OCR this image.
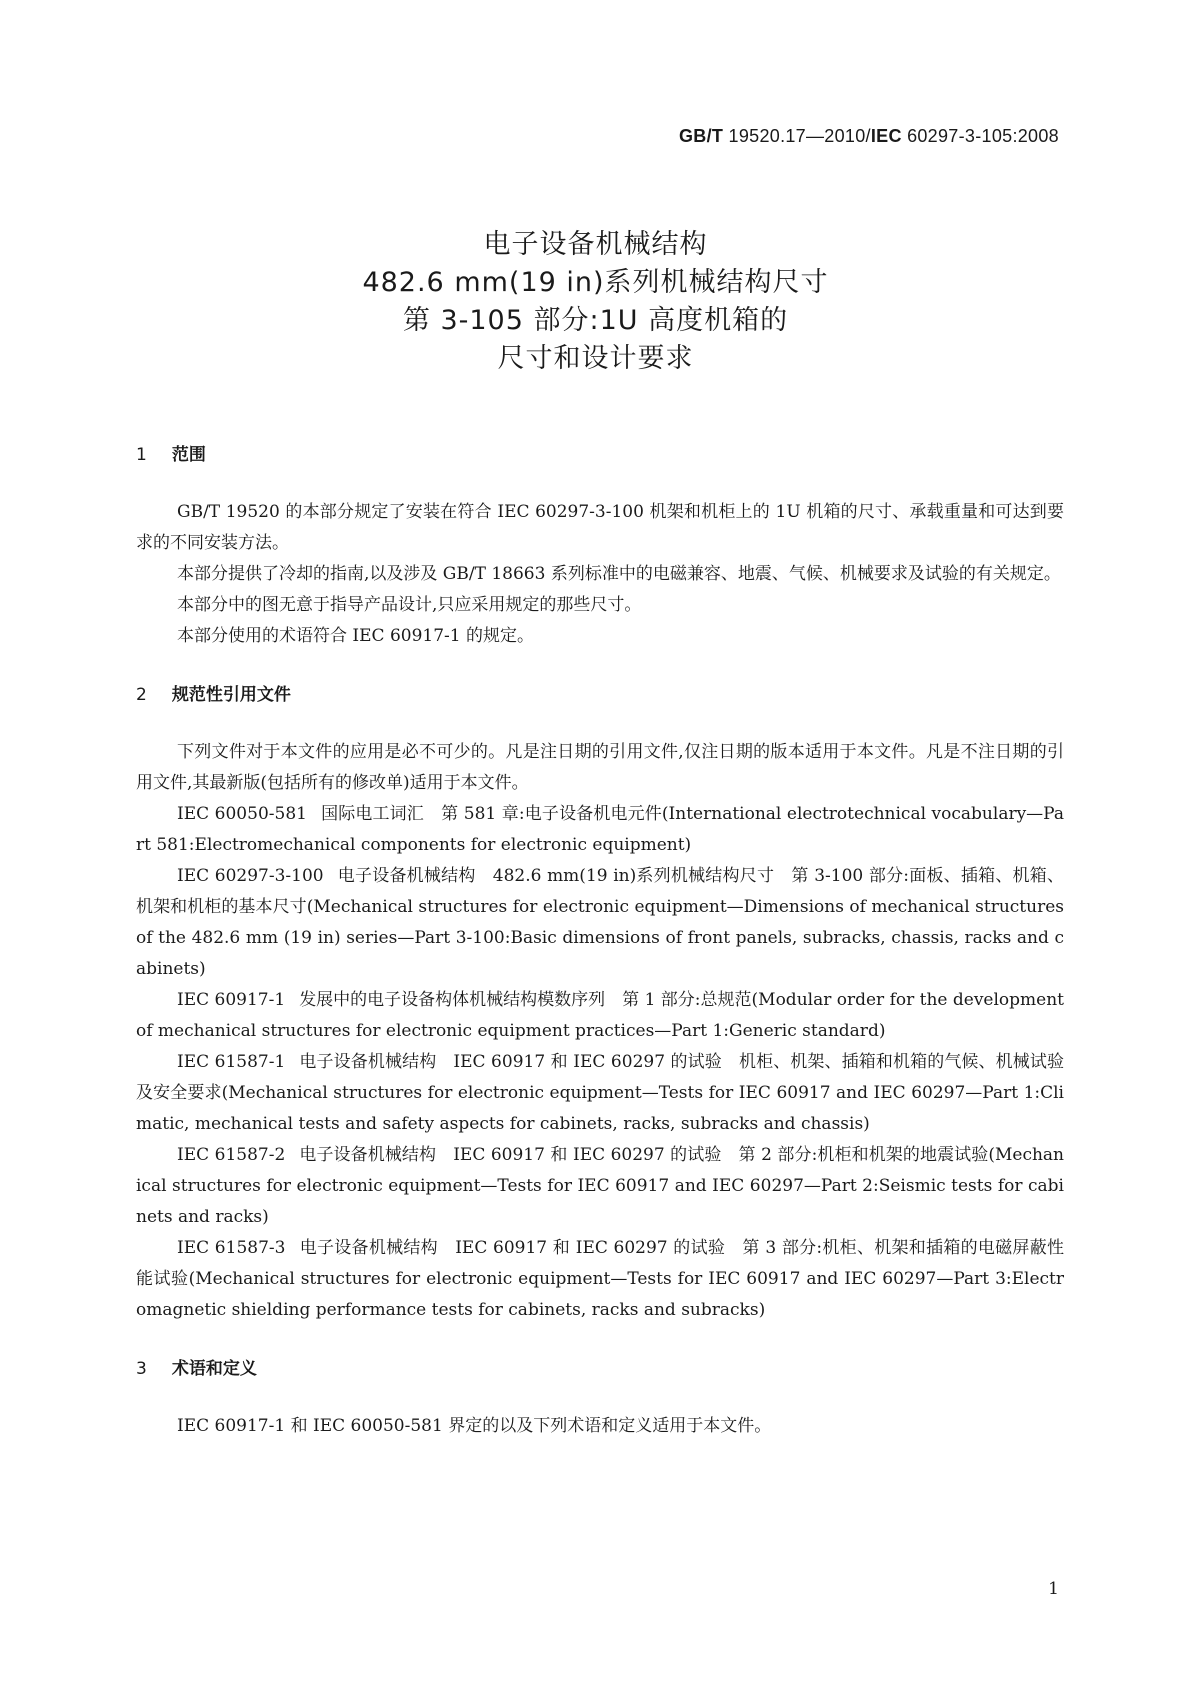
GB/T 19520.17—2010/IEC 60297-3-105:2008

电子设备机械结构

482.6 mm(19 in)系列机械结构尺寸

第 3-105 部分:1U 高度机箱的

尺寸和设计要求

1 范围

GB/T 19520 的本部分规定了安装在符合 IEC 60297-3-100 机架和机柜上的 1U 机箱的尺寸、承载重量和可达到要求的不同安装方法。

本部分提供了冷却的指南,以及涉及 GB/T 18663 系列标准中的电磁兼容、地震、气候、机械要求及试验的有关规定。

本部分中的图无意于指导产品设计,只应采用规定的那些尺寸。

本部分使用的术语符合 IEC 60917-1 的规定。

2 规范性引用文件

下列文件对于本文件的应用是必不可少的。凡是注日期的引用文件,仅注日期的版本适用于本文件。凡是不注日期的引用文件,其最新版(包括所有的修改单)适用于本文件。

IEC 60050-581 国际电工词汇　第 581 章:电子设备机电元件(International electrotechnical vocabulary—Part 581:Electromechanical components for electronic equipment)

IEC 60297-3-100 电子设备机械结构　482.6 mm(19 in)系列机械结构尺寸　第 3-100 部分:面板、插箱、机箱、机架和机柜的基本尺寸(Mechanical structures for electronic equipment—Dimensions of mechanical structures of the 482.6 mm (19 in) series—Part 3-100:Basic dimensions of front panels, subracks, chassis, racks and cabinets)

IEC 60917-1 发展中的电子设备构体机械结构模数序列　第 1 部分:总规范(Modular order for the development of mechanical structures for electronic equipment practices—Part 1:Generic standard)

IEC 61587-1 电子设备机械结构　IEC 60917 和 IEC 60297 的试验　机柜、机架、插箱和机箱的气候、机械试验及安全要求(Mechanical structures for electronic equipment—Tests for IEC 60917 and IEC 60297—Part 1:Climatic, mechanical tests and safety aspects for cabinets, racks, subracks and chassis)

IEC 61587-2 电子设备机械结构　IEC 60917 和 IEC 60297 的试验　第 2 部分:机柜和机架的地震试验(Mechanical structures for electronic equipment—Tests for IEC 60917 and IEC 60297—Part 2:Seismic tests for cabinets and racks)

IEC 61587-3 电子设备机械结构　IEC 60917 和 IEC 60297 的试验　第 3 部分:机柜、机架和插箱的电磁屏蔽性能试验(Mechanical structures for electronic equipment—Tests for IEC 60917 and IEC 60297—Part 3:Electromagnetic shielding performance tests for cabinets, racks and subracks)

3 术语和定义

IEC 60917-1 和 IEC 60050-581 界定的以及下列术语和定义适用于本文件。

1
